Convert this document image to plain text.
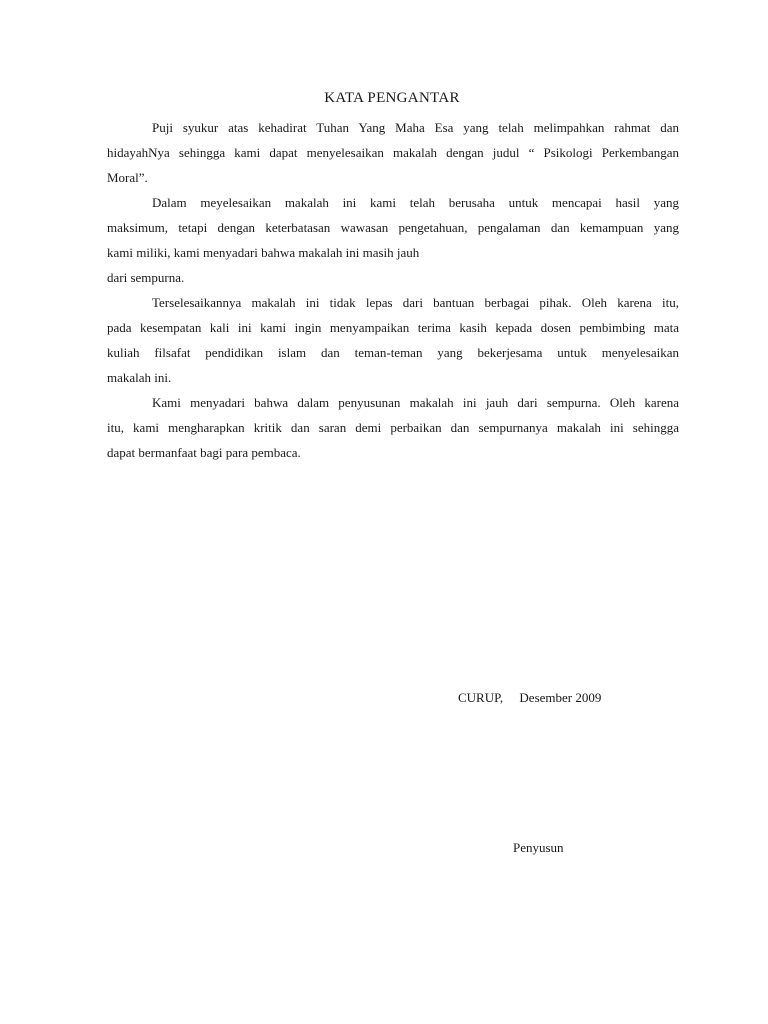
KATA PENGANTAR

Puji syukur atas kehadirat Tuhan Yang Maha Esa yang telah melimpahkan rahmat dan
hidayahNya sehingga kami dapat menyelesaikan makalah dengan judul “ Psikologi Perkembangan
Moral”.

Dalam meyelesaikan makalah ini kami telah berusaha untuk mencapai hasil yang
maksimum, tetapi dengan keterbatasan wawasan pengetahuan, pengalaman dan kemampuan yang
kami miliki, kami menyadari bahwa makalah ini masih jauh
dari sempurna.

Terselesaikannya makalah ini tidak lepas dari bantuan berbagai pihak. Oleh karena itu,
pada kesempatan kali ini kami ingin menyampaikan terima kasih kepada dosen pembimbing mata
kuliah filsafat pendidikan islam dan teman-teman yang bekerjesama untuk menyelesaikan
makalah ini.

Kami menyadari bahwa dalam penyusunan makalah ini jauh dari sempurna. Oleh karena
itu, kami mengharapkan kritik dan saran demi perbaikan dan sempurnanya makalah ini sehingga
dapat bermanfaat bagi para pembaca.

CURUP,     Desember 2009
Penyusun
